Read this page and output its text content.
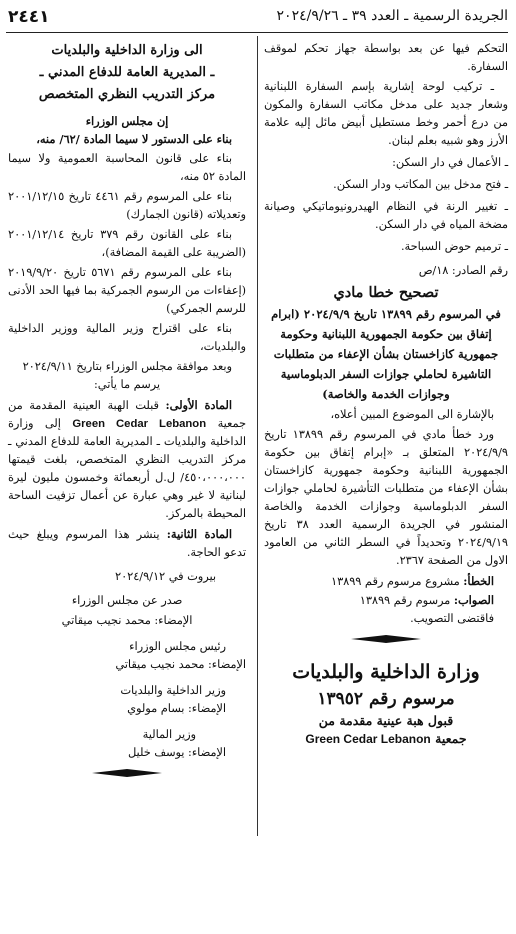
الجريدة الرسمية ـ العدد ٣٩ ـ ٢٠٢٤/٩/٢٦
٢٤٤١

التحكم فيها عن بعد بواسطة جهاز تحكم لموقف السفارة.

ـ تركيب لوحة إشارية بإسم السفارة اللبنانية وشعار جديد على مدخل مكاتب السفارة والمكون من درع أحمر وخط مستطيل أبيض مائل إليه علامة الأرز وهو شبيه بعلم لبنان.

ـ الأعمال في دار السكن:

ـ فتح مدخل بين المكاتب ودار السكن.

ـ تغيير الرنة في النظام الهيدرونيوماتيكي وصيانة مضخة المياه في دار السكن.

ـ ترميم حوض السباحة.

رقم الصادر: ١٨/ص

تصحيح خطا مادي

في المرسوم رقم ١٣٨٩٩ تاريخ ٢٠٢٤/٩/٩ (ابرام إتفاق بين حكومة الجمهورية اللبنانية وحكومة جمهورية كازاخستان بشأن الإعفاء من متطلبات التاشيرة لحاملي جوازات السفر الدبلوماسية وجوازات الخدمة والخاصة)

بالإشارة الى الموضوع المبين أعلاه،

ورد خطأ مادي في المرسوم رقم ١٣٨٩٩ تاريخ ٢٠٢٤/٩/٩ المتعلق بـ «إبرام إتفاق بين حكومة الجمهورية اللبنانية وحكومة جمهورية كازاخستان بشأن الإعفاء من متطلبات التأشيرة لحاملي جوازات السفر الدبلوماسية وجوازات الخدمة والخاصة المنشور في الجريدة الرسمية العدد ٣٨ تاريخ ٢٠٢٤/٩/١٩ وتحديداً في السطر الثاني من العامود الاول من الصفحة ٢٣٦٧.

الخطأ: مشروع مرسوم رقم ١٣٨٩٩

الصواب: مرسوم رقم ١٣٨٩٩

فاقتضى التصويب.

وزارة الداخلية والبلديات

مرسوم رقم ١٣٩٥٢

قبول هبة عينية مقدمة من

جمعية Green Cedar Lebanon

الى وزارة الداخلية والبلديات

ـ المديرية العامة للدفاع المدني ـ

مركز التدريب النظري المتخصص

إن مجلس الوزراء

بناء على الدستور لا سيما المادة /٦٢/ منه،

بناء على قانون المحاسبة العمومية ولا سيما المادة ٥٢ منه،

بناء على المرسوم رقم ٤٤٦١ تاريخ ٢٠٠١/١٢/١٥ وتعديلاته (قانون الجمارك)

بناء على القانون رقم ٣٧٩ تاريخ ٢٠٠١/١٢/١٤ (الضريبة على القيمة المضافة)،

بناء على المرسوم رقم ٥٦٧١ تاريخ ٢٠١٩/٩/٢٠ (إعفاءات من الرسوم الجمركية بما فيها الحد الأدنى للرسم الجمركي)

بناء على اقتراح وزير المالية ووزير الداخلية والبلديات،

وبعد موافقة مجلس الوزراء بتاريخ ٢٠٢٤/٩/١١

يرسم ما يأتي:

المادة الأولى: قبلت الهبة العينية المقدمة من جمعية Green Cedar Lebanon إلى وزارة الداخلية والبلديات ـ المديرية العامة للدفاع المدني ـ مركز التدريب النظري المتخصص، بلغت قيمتها ٤٥٠،٠٠٠،٠٠٠/ ل.ل أربعمائة وخمسون مليون ليرة لبنانية لا غير وهي عبارة عن أعمال تزفيت الساحة المحيطة بالمركز.

المادة الثانية: ينشر هذا المرسوم ويبلغ حيث تدعو الحاجة.

بيروت في ٢٠٢٤/٩/١٢

صدر عن مجلس الوزراء

الإمضاء: محمد نجيب ميقاتي

رئيس مجلس الوزراء

الإمضاء: محمد نجيب ميقاتي

وزير الداخلية والبلديات

الإمضاء: بسام مولوي

وزير المالية

الإمضاء: يوسف خليل
